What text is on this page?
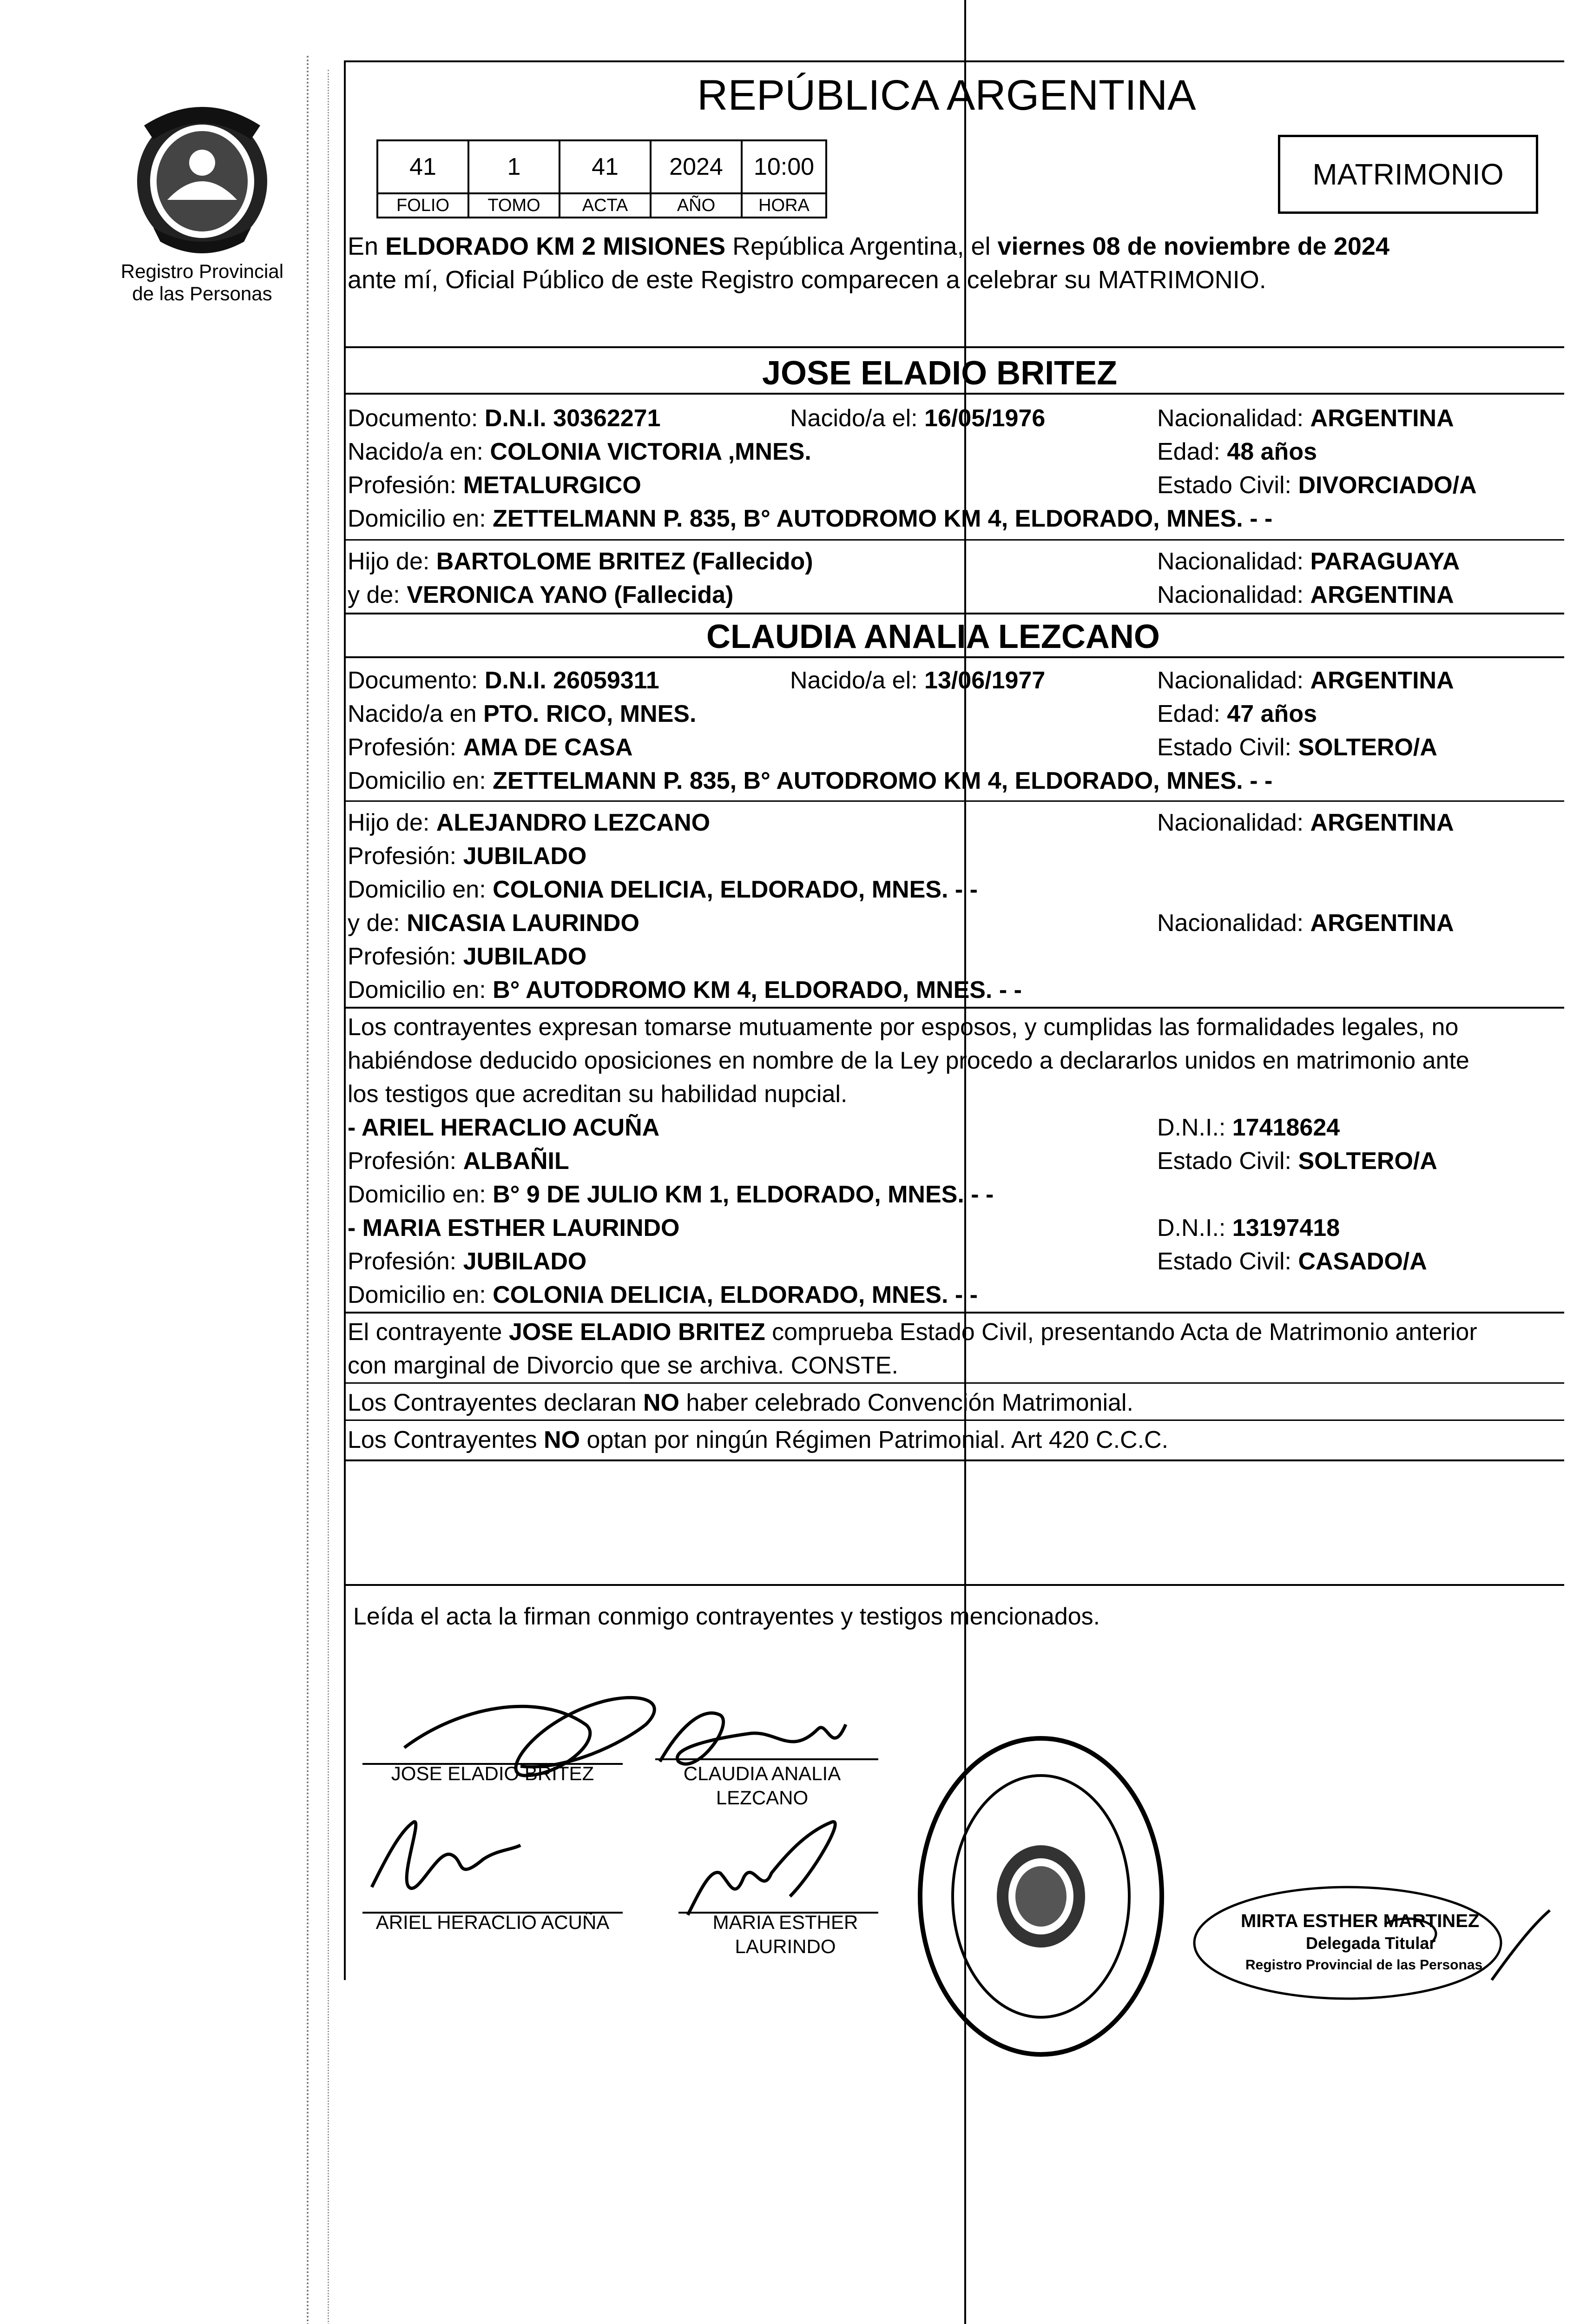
Registro Provincial
de las Personas
REPÚBLICA ARGENTINA
MATRIMONIO
41	1	41	2024	10:00
FOLIO	TOMO	ACTA	AÑO	HORA
En ELDORADO KM 2 MISIONES República Argentina, el viernes 08 de noviembre de 2024
ante mí, Oficial Público de este Registro comparecen a celebrar su MATRIMONIO.
JOSE ELADIO BRITEZ
Documento: D.N.I. 30362271	Nacido/a el: 16/05/1976	Nacionalidad: ARGENTINA
Nacido/a en: COLONIA VICTORIA ,MNES.	Edad: 48 años
Profesión: METALURGICO	Estado Civil: DIVORCIADO/A
Domicilio en: ZETTELMANN P. 835, B° AUTODROMO KM 4, ELDORADO, MNES. - -
Hijo de: BARTOLOME BRITEZ (Fallecido)	Nacionalidad: PARAGUAYA
y de: VERONICA YANO (Fallecida)	Nacionalidad: ARGENTINA
CLAUDIA ANALIA LEZCANO
Documento: D.N.I. 26059311	Nacido/a el: 13/06/1977	Nacionalidad: ARGENTINA
Nacido/a en PTO. RICO, MNES.	Edad: 47 años
Profesión: AMA DE CASA	Estado Civil: SOLTERO/A
Domicilio en: ZETTELMANN P. 835, B° AUTODROMO KM 4, ELDORADO, MNES. - -
Hijo de: ALEJANDRO LEZCANO	Nacionalidad: ARGENTINA
Profesión: JUBILADO
Domicilio en: COLONIA DELICIA, ELDORADO, MNES. - -
y de: NICASIA LAURINDO	Nacionalidad: ARGENTINA
Profesión: JUBILADO
Domicilio en: B° AUTODROMO KM 4, ELDORADO, MNES. - -
Los contrayentes expresan tomarse mutuamente por esposos, y cumplidas las formalidades legales, no
habiéndose deducido oposiciones en nombre de la Ley procedo a declararlos unidos en matrimonio ante
los testigos que acreditan su habilidad nupcial.
- ARIEL HERACLIO ACUÑA	D.N.I.: 17418624
Profesión: ALBAÑIL	Estado Civil: SOLTERO/A
Domicilio en: B° 9 DE JULIO KM 1, ELDORADO, MNES. - -
- MARIA ESTHER LAURINDO	D.N.I.: 13197418
Profesión: JUBILADO	Estado Civil: CASADO/A
Domicilio en: COLONIA DELICIA, ELDORADO, MNES. - -
El contrayente JOSE ELADIO BRITEZ comprueba Estado Civil, presentando Acta de Matrimonio anterior
con marginal de Divorcio que se archiva. CONSTE.
Los Contrayentes declaran NO haber celebrado Convención Matrimonial.
Los Contrayentes NO optan por ningún Régimen Patrimonial. Art 420 C.C.C.
Leída el acta la firman conmigo contrayentes y testigos mencionados.
JOSE ELADIO BRITEZ	CLAUDIA ANALIA
LEZCANO
ARIEL HERACLIO ACUÑA	MARIA ESTHER
LAURINDO
MIRTA ESTHER MARTINEZ
Delegada Titular
Registro Provincial de las Personas
